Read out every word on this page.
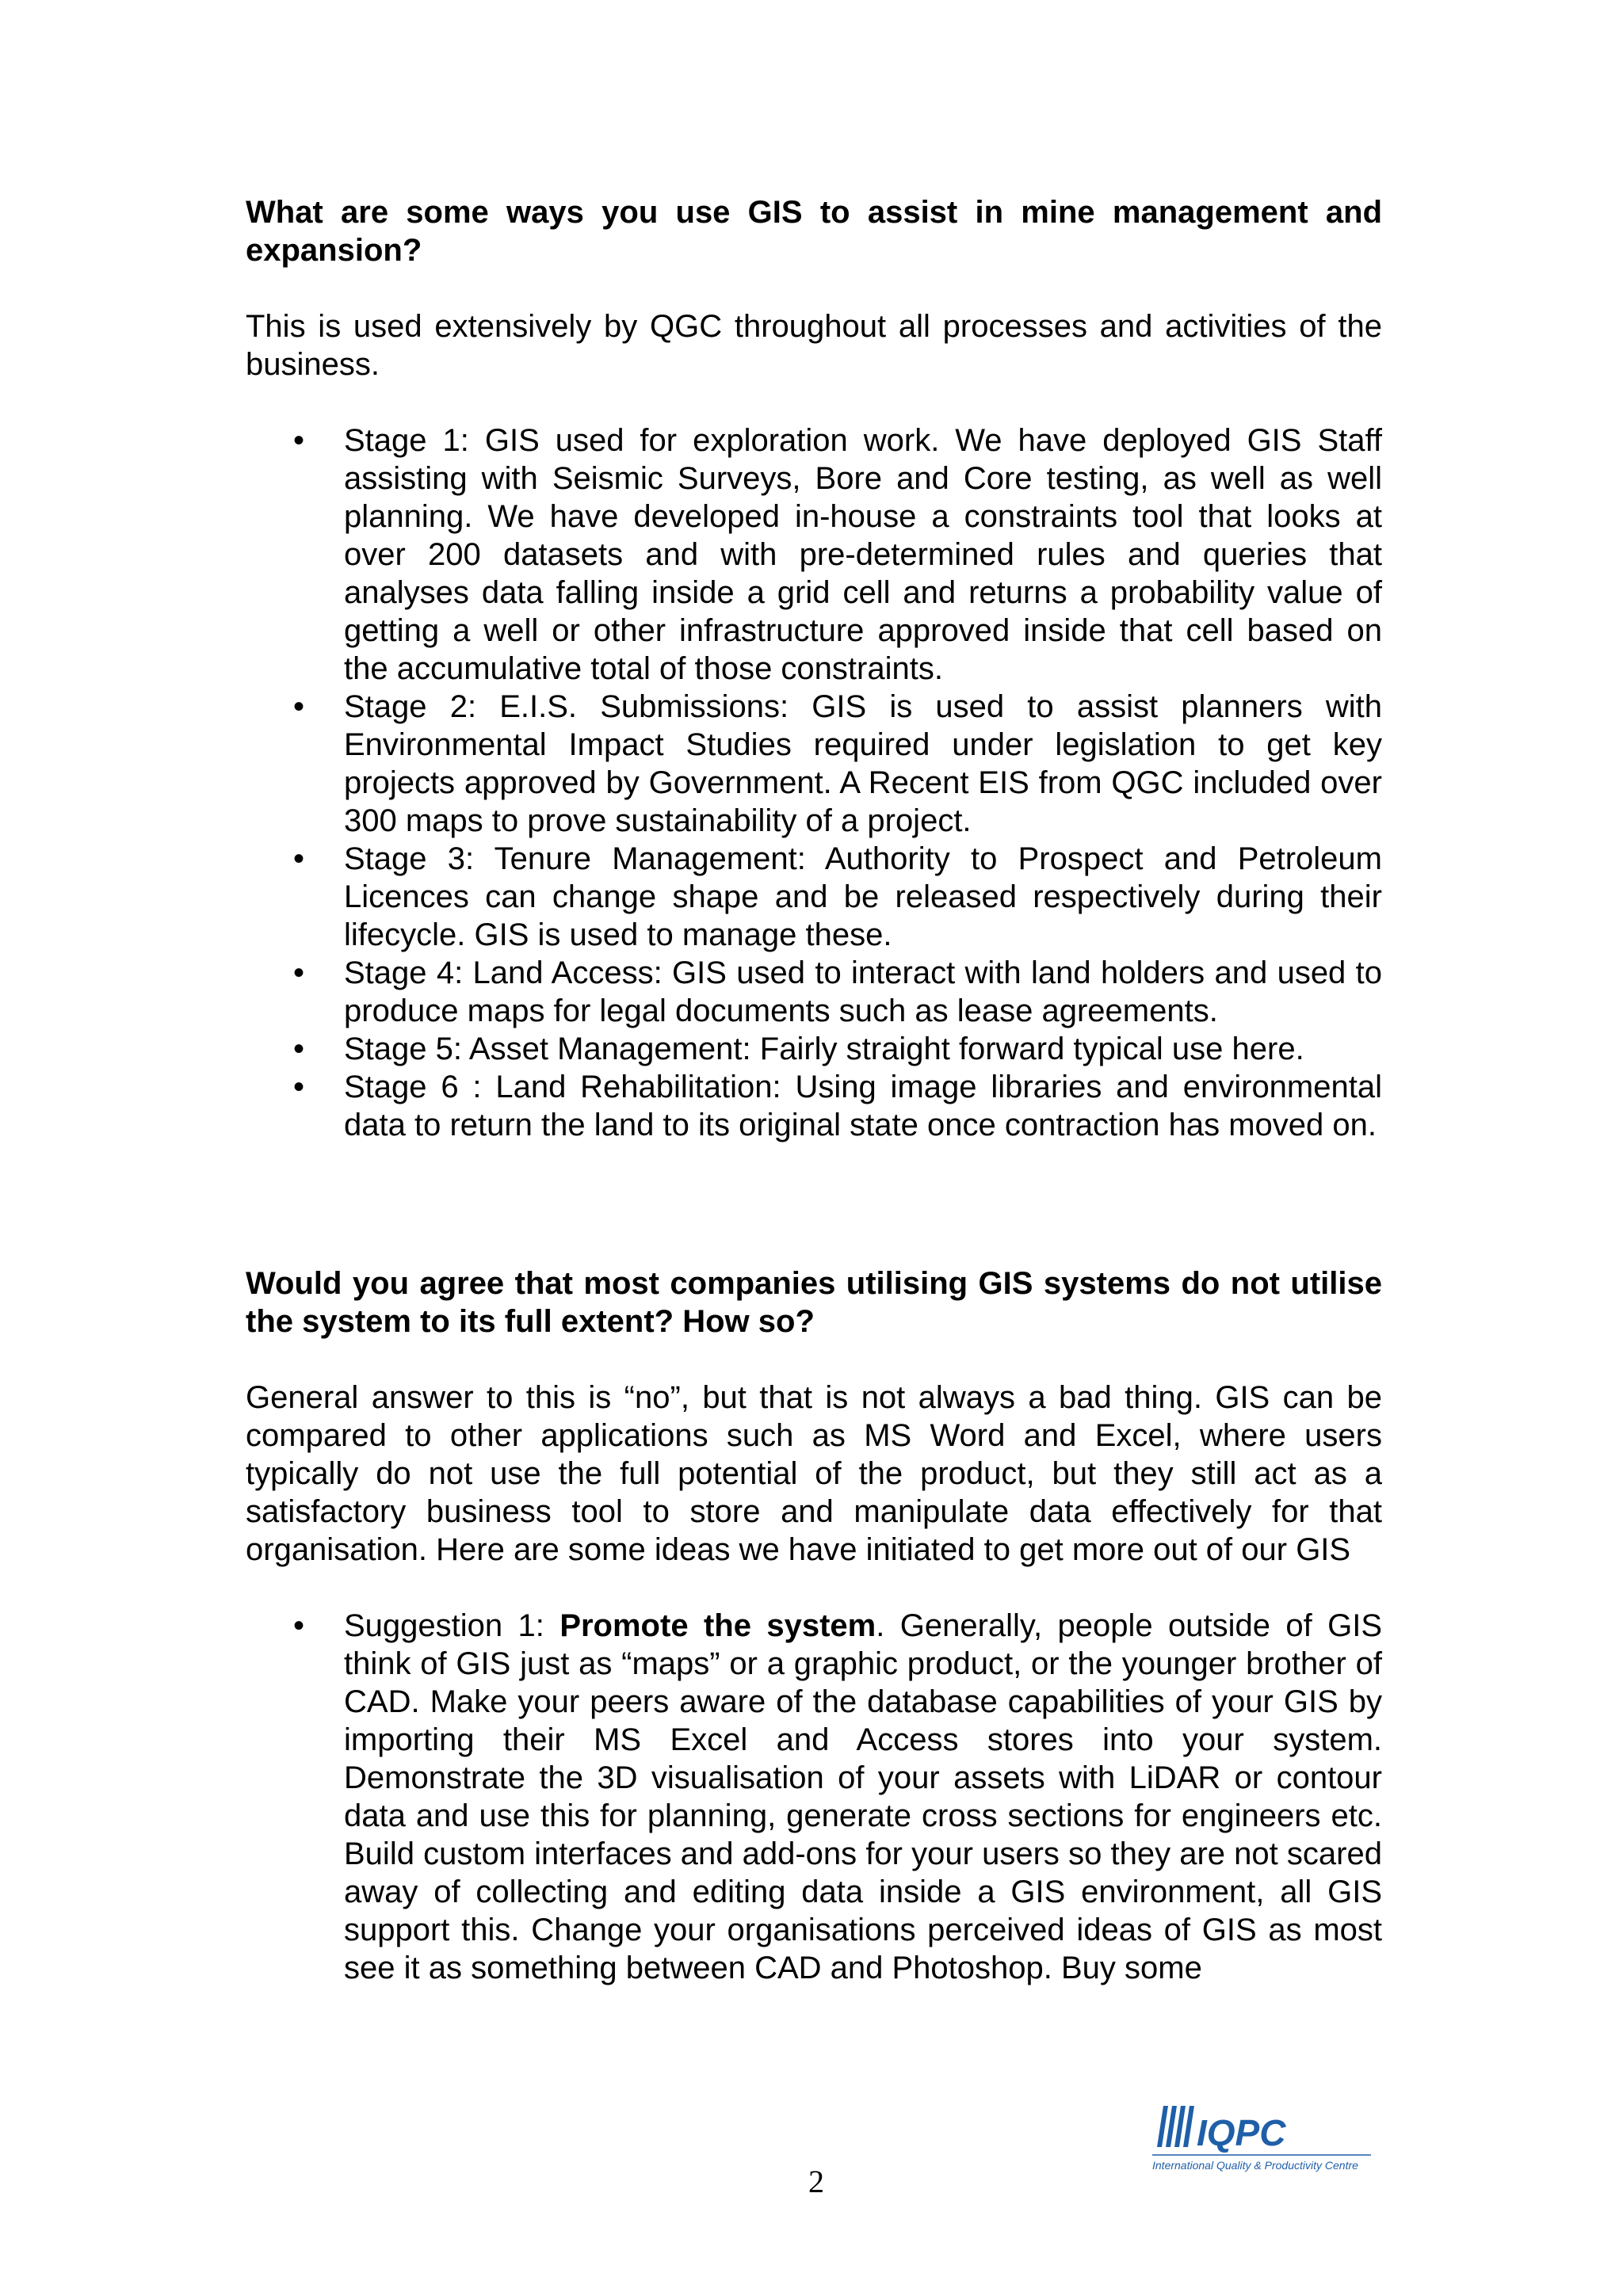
What are some ways you use GIS to assist in mine management and expansion?

This is used extensively by QGC throughout all processes and activities of the business.

• Stage 1: GIS used for exploration work. We have deployed GIS Staff assisting with Seismic Surveys, Bore and Core testing, as well as well planning. We have developed in-house a constraints tool that looks at over 200 datasets and with pre-determined rules and queries that analyses data falling inside a grid cell and returns a probability value of getting a well or other infrastructure approved inside that cell based on the accumulative total of those constraints.
• Stage 2: E.I.S. Submissions: GIS is used to assist planners with Environmental Impact Studies required under legislation to get key projects approved by Government. A Recent EIS from QGC included over 300 maps to prove sustainability of a project.
• Stage 3: Tenure Management: Authority to Prospect and Petroleum Licences can change shape and be released respectively during their lifecycle. GIS is used to manage these.
• Stage 4: Land Access: GIS used to interact with land holders and used to produce maps for legal documents such as lease agreements.
• Stage 5: Asset Management: Fairly straight forward typical use here.
• Stage 6 : Land Rehabilitation: Using image libraries and environmental data to return the land to its original state once contraction has moved on.

Would you agree that most companies utilising GIS systems do not utilise the system to its full extent? How so?

General answer to this is “no”, but that is not always a bad thing. GIS can be compared to other applications such as MS Word and Excel, where users typically do not use the full potential of the product, but they still act as a satisfactory business tool to store and manipulate data effectively for that organisation. Here are some ideas we have initiated to get more out of our GIS

• Suggestion 1: Promote the system. Generally, people outside of GIS think of GIS just as “maps” or a graphic product, or the younger brother of CAD. Make your peers aware of the database capabilities of your GIS by importing their MS Excel and Access stores into your system. Demonstrate the 3D visualisation of your assets with LiDAR or contour data and use this for planning, generate cross sections for engineers etc. Build custom interfaces and add-ons for your users so they are not scared away of collecting and editing data inside a GIS environment, all GIS support this. Change your organisations perceived ideas of GIS as most see it as something between CAD and Photoshop. Buy some
2
IQPC
International Quality & Productivity Centre
